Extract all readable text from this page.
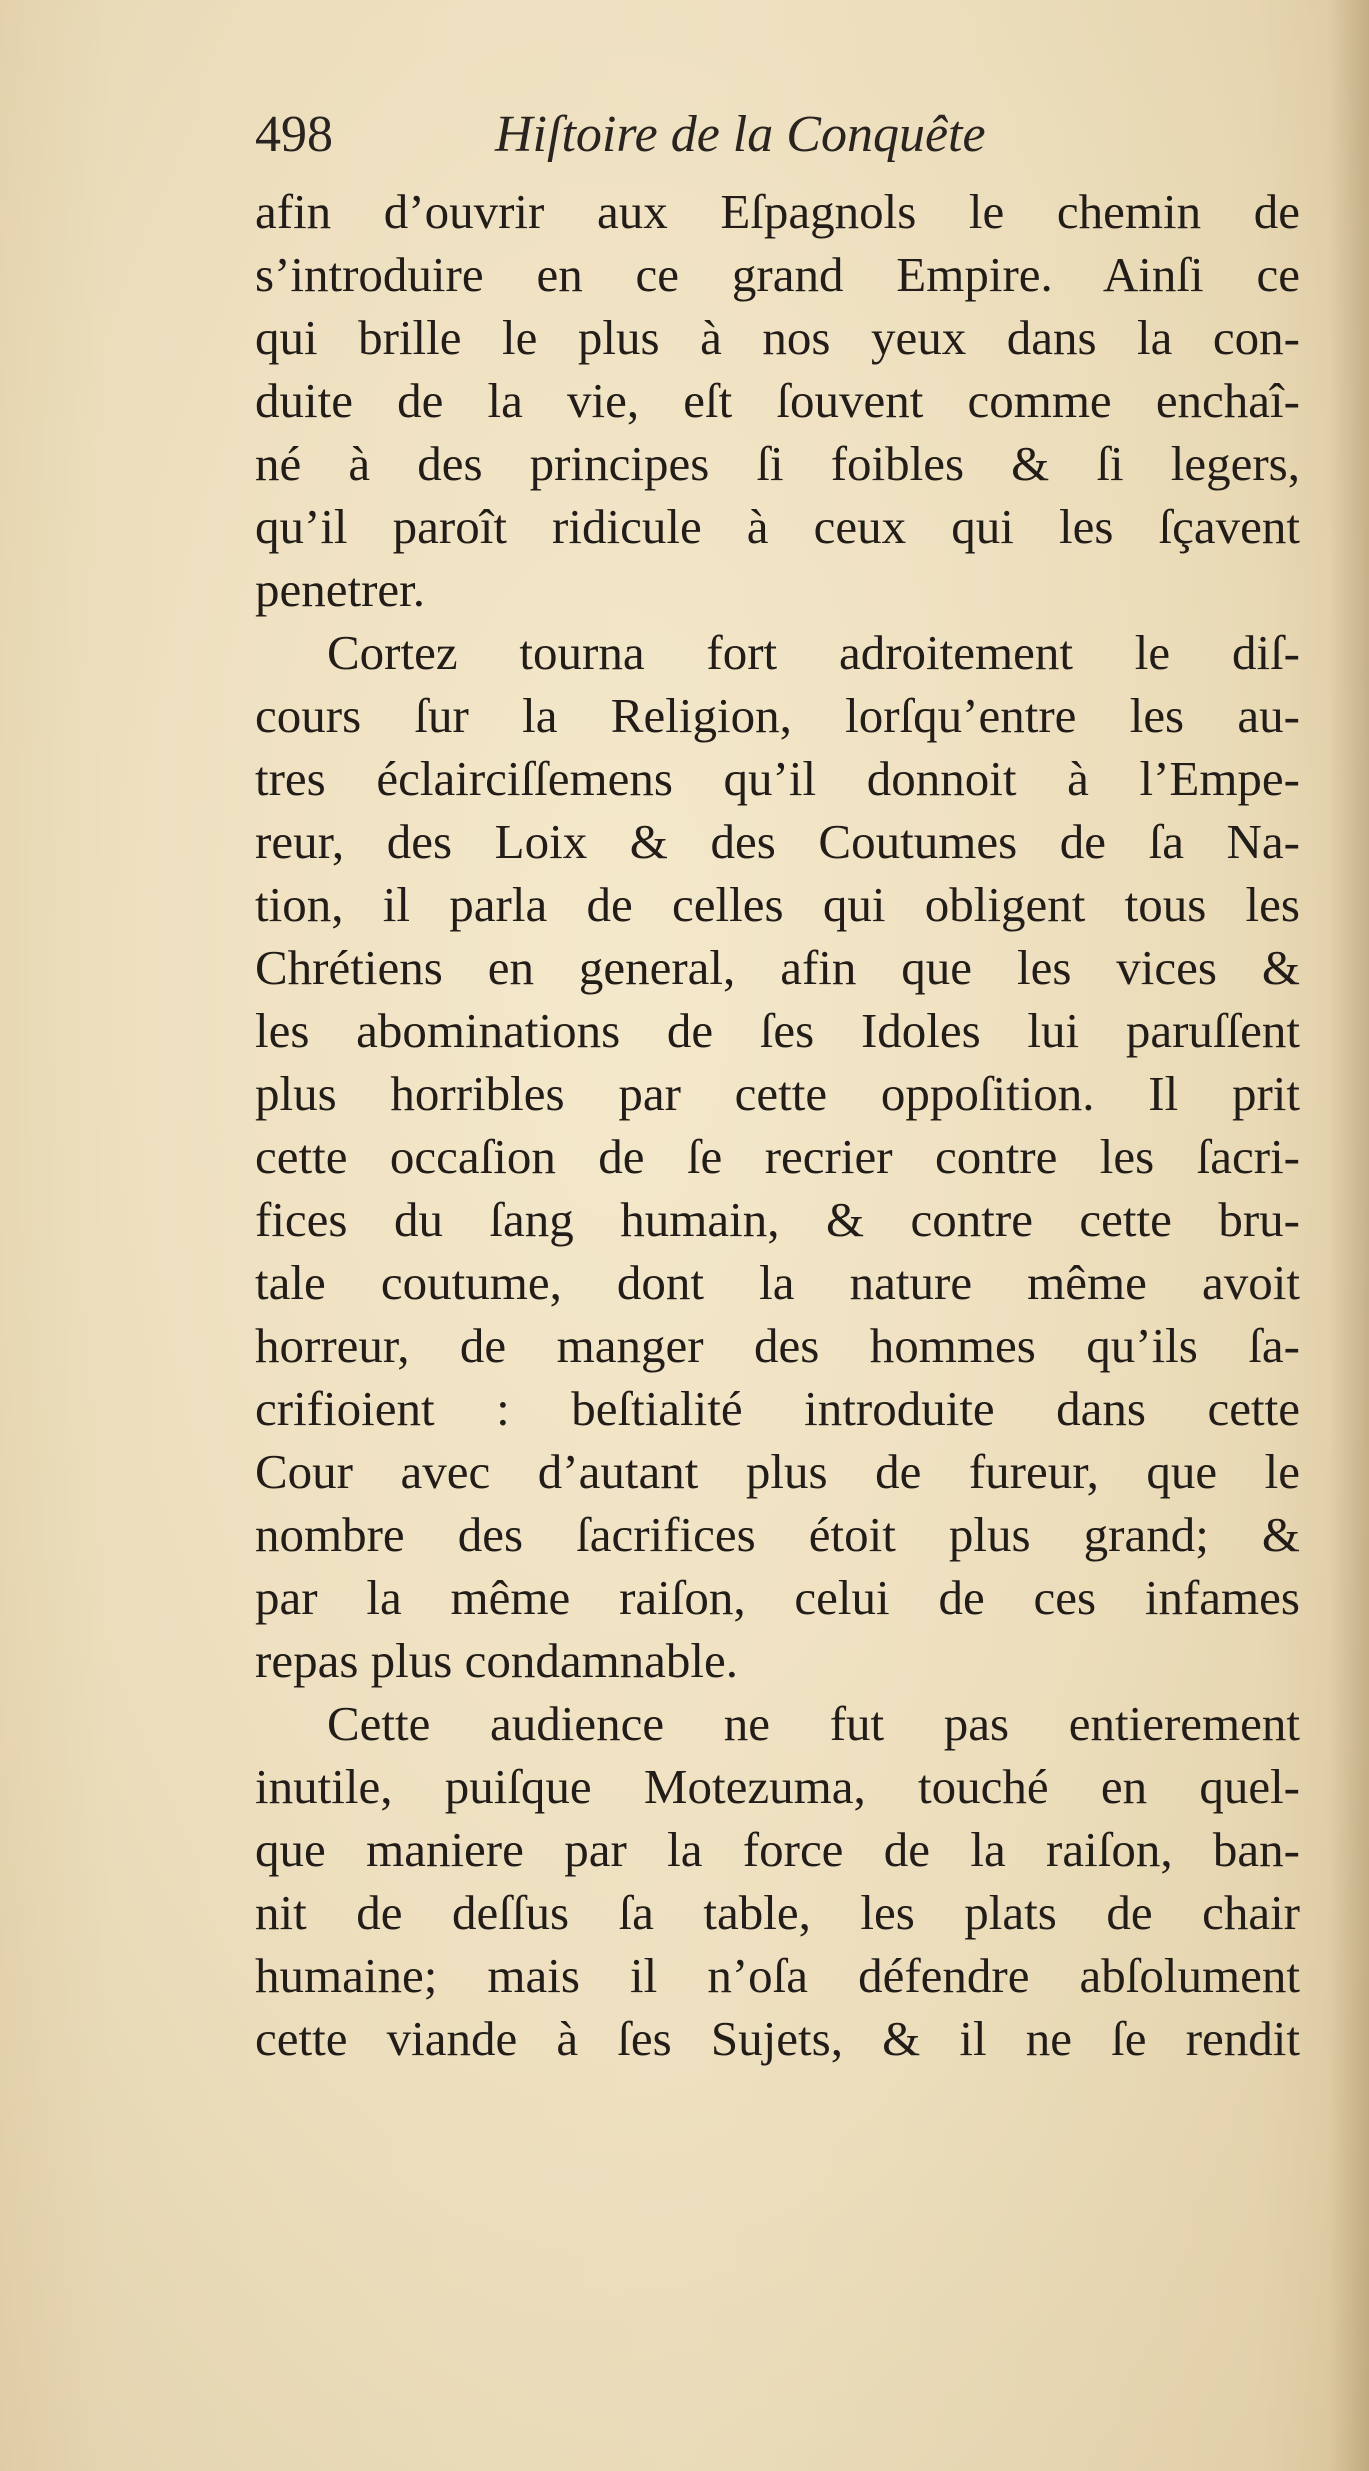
498	Hiſtoire de la Conquête
afin d’ouvrir aux Eſpagnols le chemin de
s’introduire en ce grand Empire. Ainſi ce
qui brille le plus à nos yeux dans la con-
duite de la vie, eſt ſouvent comme enchaî-
né à des principes ſi foibles & ſi legers,
qu’il paroît ridicule à ceux qui les ſçavent
penetrer.
Cortez tourna fort adroitement le diſ-
cours ſur la Religion, lorſqu’entre les au-
tres éclairciſſemens qu’il donnoit à l’Empe-
reur, des Loix & des Coutumes de ſa Na-
tion, il parla de celles qui obligent tous les
Chrétiens en general, afin que les vices &
les abominations de ſes Idoles lui paruſſent
plus horribles par cette oppoſition. Il prit
cette occaſion de ſe recrier contre les ſacri-
fices du ſang humain, & contre cette bru-
tale coutume, dont la nature même avoit
horreur, de manger des hommes qu’ils ſa-
crifioient : beſtialité introduite dans cette
Cour avec d’autant plus de fureur, que le
nombre des ſacrifices étoit plus grand; &
par la même raiſon, celui de ces infames
repas plus condamnable.
Cette audience ne fut pas entierement
inutile, puiſque Motezuma, touché en quel-
que maniere par la force de la raiſon, ban-
nit de deſſus ſa table, les plats de chair
humaine; mais il n’oſa défendre abſolument
cette viande à ſes Sujets, & il ne ſe rendit
